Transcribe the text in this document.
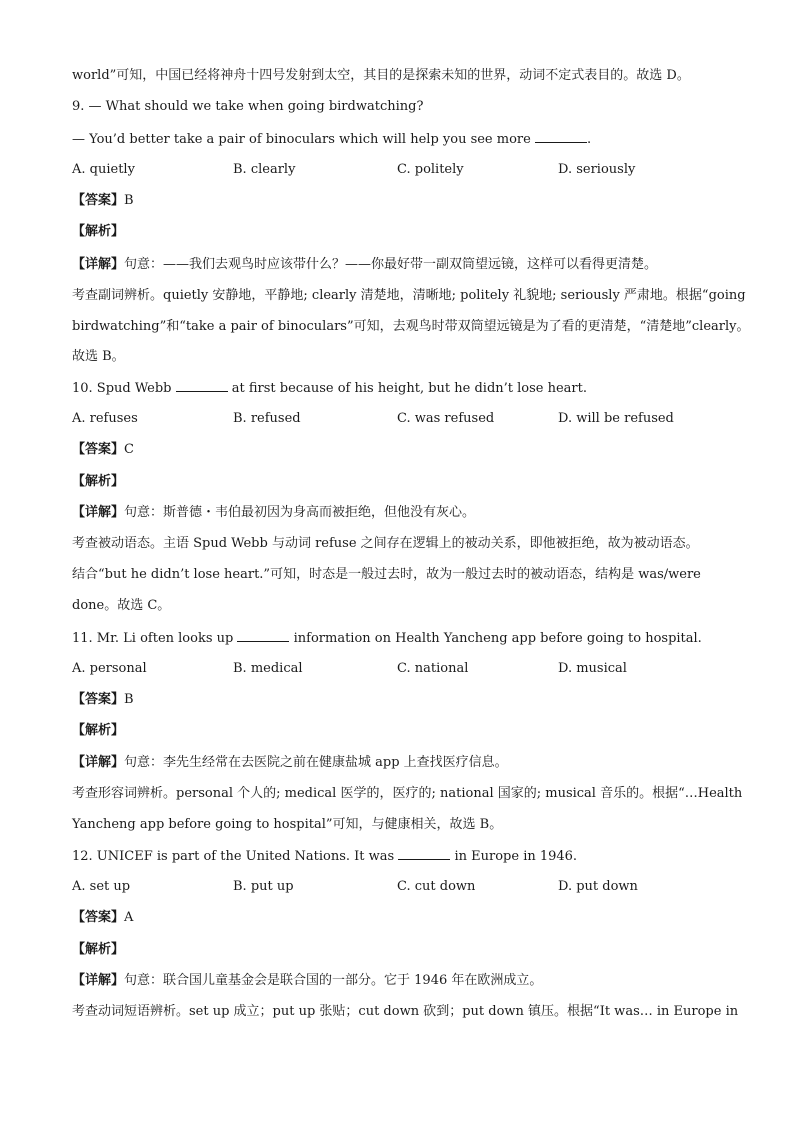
world”可知，中国已经将神舟十四号发射到太空，其目的是探索未知的世界，动词不定式表目的。故选 D。
9. — What should we take when going birdwatching?
— You’d better take a pair of binoculars which will help you see more	.
A. quietly	B. clearly	C. politely	D. seriously
【答案】B
【解析】
【详解】句意：——我们去观鸟时应该带什么？——你最好带一副双筒望远镜，这样可以看得更清楚。
考查副词辨析。quietly 安静地，平静地; clearly 清楚地，清晰地; politely 礼貌地; seriously 严肃地。根据“going
birdwatching”和“take a pair of binoculars”可知，去观鸟时带双筒望远镜是为了看的更清楚，“清楚地”clearly。
故选 B。
10. Spud Webb	at first because of his height, but he didn’t lose heart.
A. refuses	B. refused	C. was refused	D. will be refused
【答案】C
【解析】
【详解】句意：斯普德・韦伯最初因为身高而被拒绝，但他没有灰心。
考查被动语态。主语 Spud Webb 与动词 refuse 之间存在逻辑上的被动关系，即他被拒绝，故为被动语态。
结合“but he didn’t lose heart.”可知，时态是一般过去时，故为一般过去时的被动语态，结构是 was/were
done。故选 C。
11. Mr. Li often looks up	information on Health Yancheng app before going to hospital.
A. personal	B. medical	C. national	D. musical
【答案】B
【解析】
【详解】句意：李先生经常在去医院之前在健康盐城 app 上查找医疗信息。
考查形容词辨析。personal 个人的; medical 医学的，医疗的; national 国家的; musical 音乐的。根据“…Health
Yancheng app before going to hospital”可知，与健康相关，故选 B。
12. UNICEF is part of the United Nations. It was	in Europe in 1946.
A. set up	B. put up	C. cut down	D. put down
【答案】A
【解析】
【详解】句意：联合国儿童基金会是联合国的一部分。它于 1946 年在欧洲成立。
考查动词短语辨析。set up 成立；put up 张贴；cut down 砍到；put down 镇压。根据“It was… in Europe in
